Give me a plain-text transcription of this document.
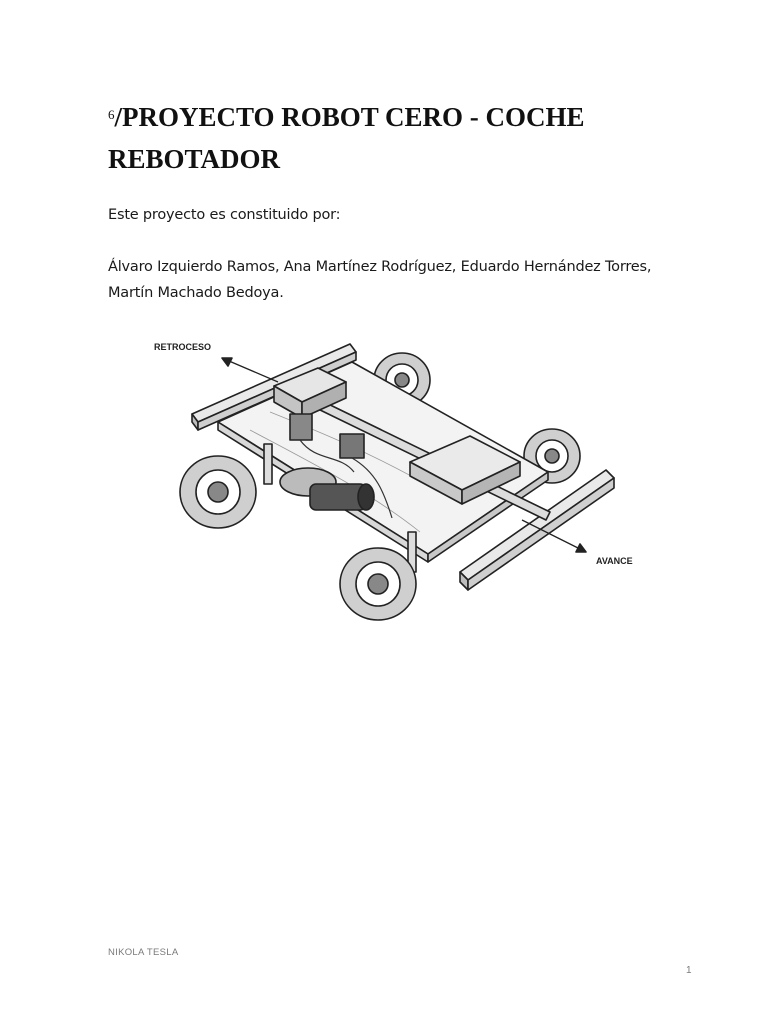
$^6$/PROYECTO ROBOT CERO - COCHE REBOTADOR
Este proyecto es constituido por:
Álvaro Izquierdo Ramos, Ana Martínez Rodríguez, Eduardo Hernández Torres,
Martín Machado Bedoya.
RETROCESO
AVANCE
NIKOLA TESLA
1
